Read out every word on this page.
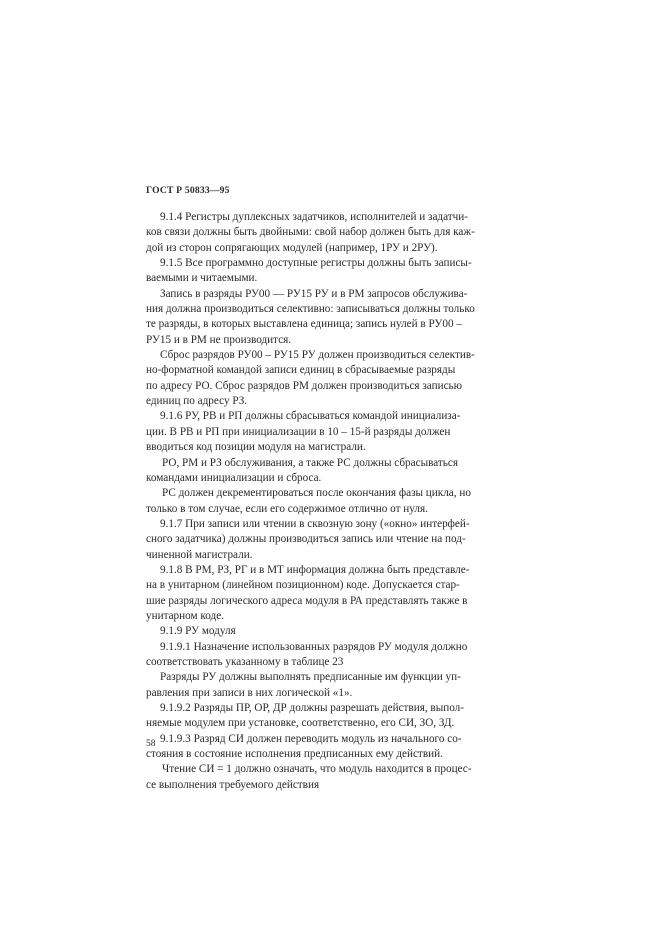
ГОСТ Р 50833—95
9.1.4 Регистры дуплексных задатчиков, исполнителей и задатчи-
ков связи должны быть двойными: свой набор должен быть для каж-
дой из сторон сопрягающих модулей (например, 1РУ и 2РУ).
9.1.5 Все программно доступные регистры должны быть записы-
ваемыми и читаемыми.
Запись в разряды РУ00 — РУ15 РУ и в РМ запросов обслужива-
ния должна производиться селективно: записываться должны только
те разряды, в которых выставлена единица; запись нулей в РУ00 –
РУ15 и в РМ не производится.
Сброс разрядов РУ00 – РУ15 РУ должен производиться селектив-
но-форматной командой записи единиц в сбрасываемые разряды
по адресу РО. Сброс разрядов РМ должен производиться записью
единиц по адресу РЗ.
9.1.6 РУ, РВ и РП должны сбрасываться командой инициализа-
ции. В РВ и РП при инициализации в 10 – 15-й разряды должен
вводиться код позиции модуля на магистрали.
РО, РМ и РЗ обслуживания, а также РС должны сбрасываться
командами инициализации и сброса.
РС должен декрементироваться после окончания фазы цикла, но
только в том случае, если его содержимое отлично от нуля.
9.1.7 При записи или чтении в сквозную зону («окно» интерфей-
сного задатчика) должны производиться запись или чтение на под-
чиненной магистрали.
9.1.8 В РМ, РЗ, РГ и в МТ информация должна быть представле-
на в унитарном (линейном позиционном) коде. Допускается стар-
шие разряды логического адреса модуля в РА представлять также в
унитарном коде.
9.1.9 РУ модуля
9.1.9.1 Назначение использованных разрядов РУ модуля должно
соответствовать указанному в таблице 23
Разряды РУ должны выполнять предписанные им функции уп-
равления при записи в них логической «1».
9.1.9.2 Разряды ПР, ОР, ДР должны разрешать действия, выпол-
няемые модулем при установке, соответственно, его СИ, ЗО, ЗД.
9.1.9.3 Разряд СИ должен переводить модуль из начального со-
стояния в состояние исполнения предписанных ему действий.
Чтение СИ = 1 должно означать, что модуль находится в процес-
се выполнения требуемого действия
58
